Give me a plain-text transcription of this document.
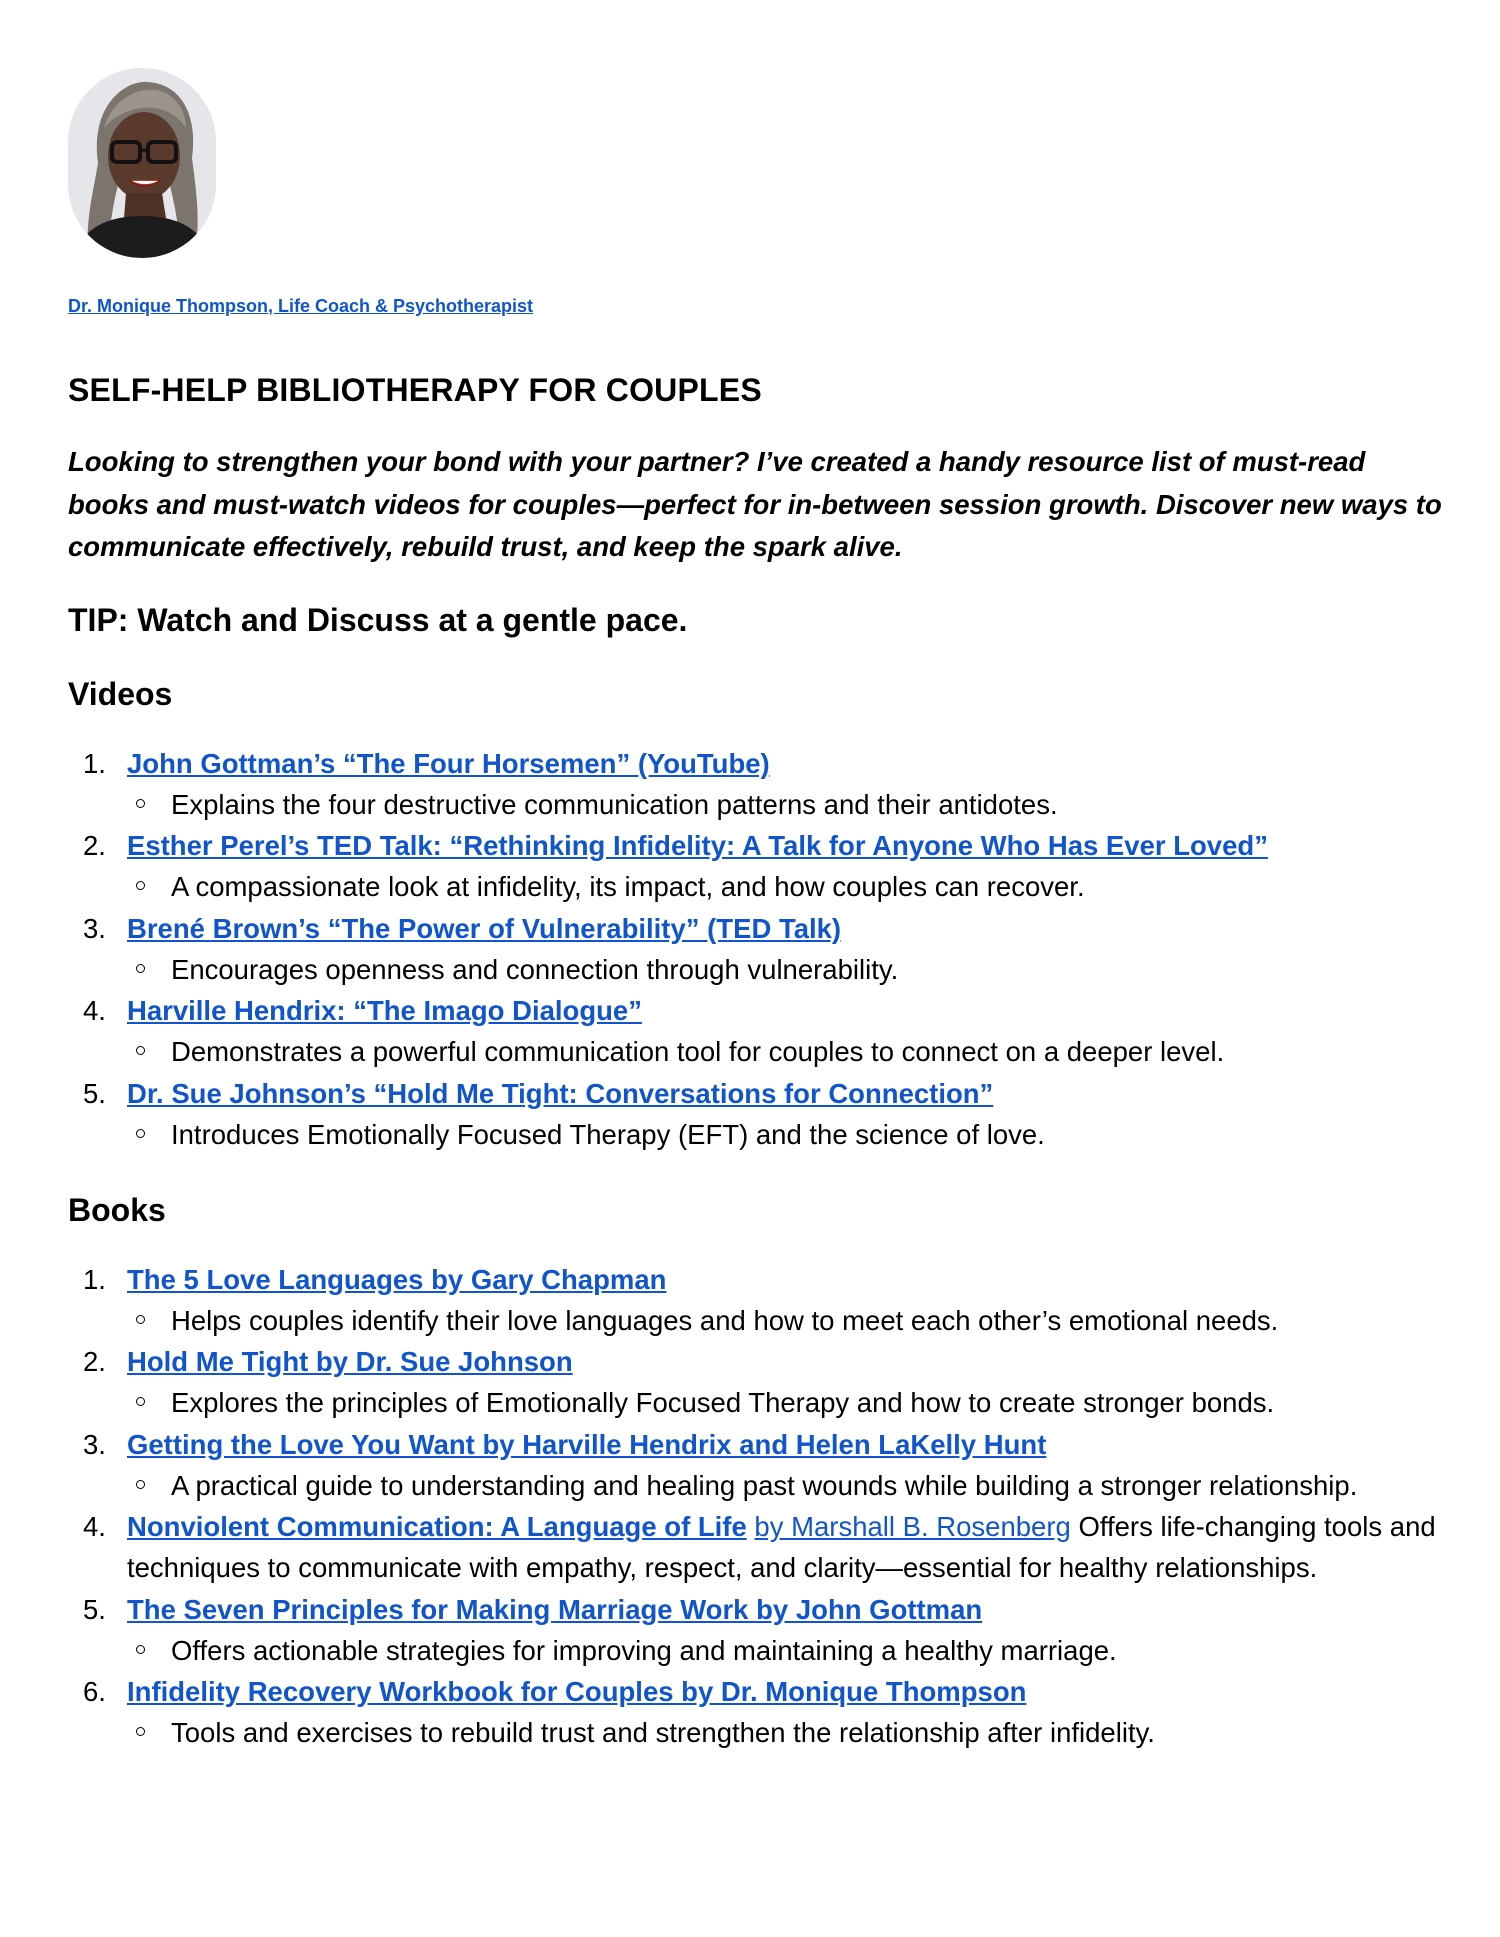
Dr. Monique Thompson, Life Coach & Psychotherapist
SELF-HELP BIBLIOTHERAPY FOR COUPLES

Looking to strengthen your bond with your partner? I’ve created a handy resource list of must-read books and must-watch videos for couples—perfect for in-between session growth. Discover new ways to communicate effectively, rebuild trust, and keep the spark alive.

TIP: Watch and Discuss at a gentle pace.

Videos
1. John Gottman’s “The Four Horsemen” (YouTube)
Explains the four destructive communication patterns and their antidotes.
2. Esther Perel’s TED Talk: “Rethinking Infidelity: A Talk for Anyone Who Has Ever Loved”
A compassionate look at infidelity, its impact, and how couples can recover.
3. Brené Brown’s “The Power of Vulnerability” (TED Talk)
Encourages openness and connection through vulnerability.
4. Harville Hendrix: “The Imago Dialogue”
Demonstrates a powerful communication tool for couples to connect on a deeper level.
5. Dr. Sue Johnson’s “Hold Me Tight: Conversations for Connection”
Introduces Emotionally Focused Therapy (EFT) and the science of love.
Books
1. The 5 Love Languages by Gary Chapman
Helps couples identify their love languages and how to meet each other’s emotional needs.
2. Hold Me Tight by Dr. Sue Johnson
Explores the principles of Emotionally Focused Therapy and how to create stronger bonds.
3. Getting the Love You Want by Harville Hendrix and Helen LaKelly Hunt
A practical guide to understanding and healing past wounds while building a stronger relationship.
4. Nonviolent Communication: A Language of Life by Marshall B. Rosenberg Offers life-changing tools and techniques to communicate with empathy, respect, and clarity—essential for healthy relationships.
5. The Seven Principles for Making Marriage Work by John Gottman
Offers actionable strategies for improving and maintaining a healthy marriage.
6. Infidelity Recovery Workbook for Couples by Dr. Monique Thompson
Tools and exercises to rebuild trust and strengthen the relationship after infidelity.
